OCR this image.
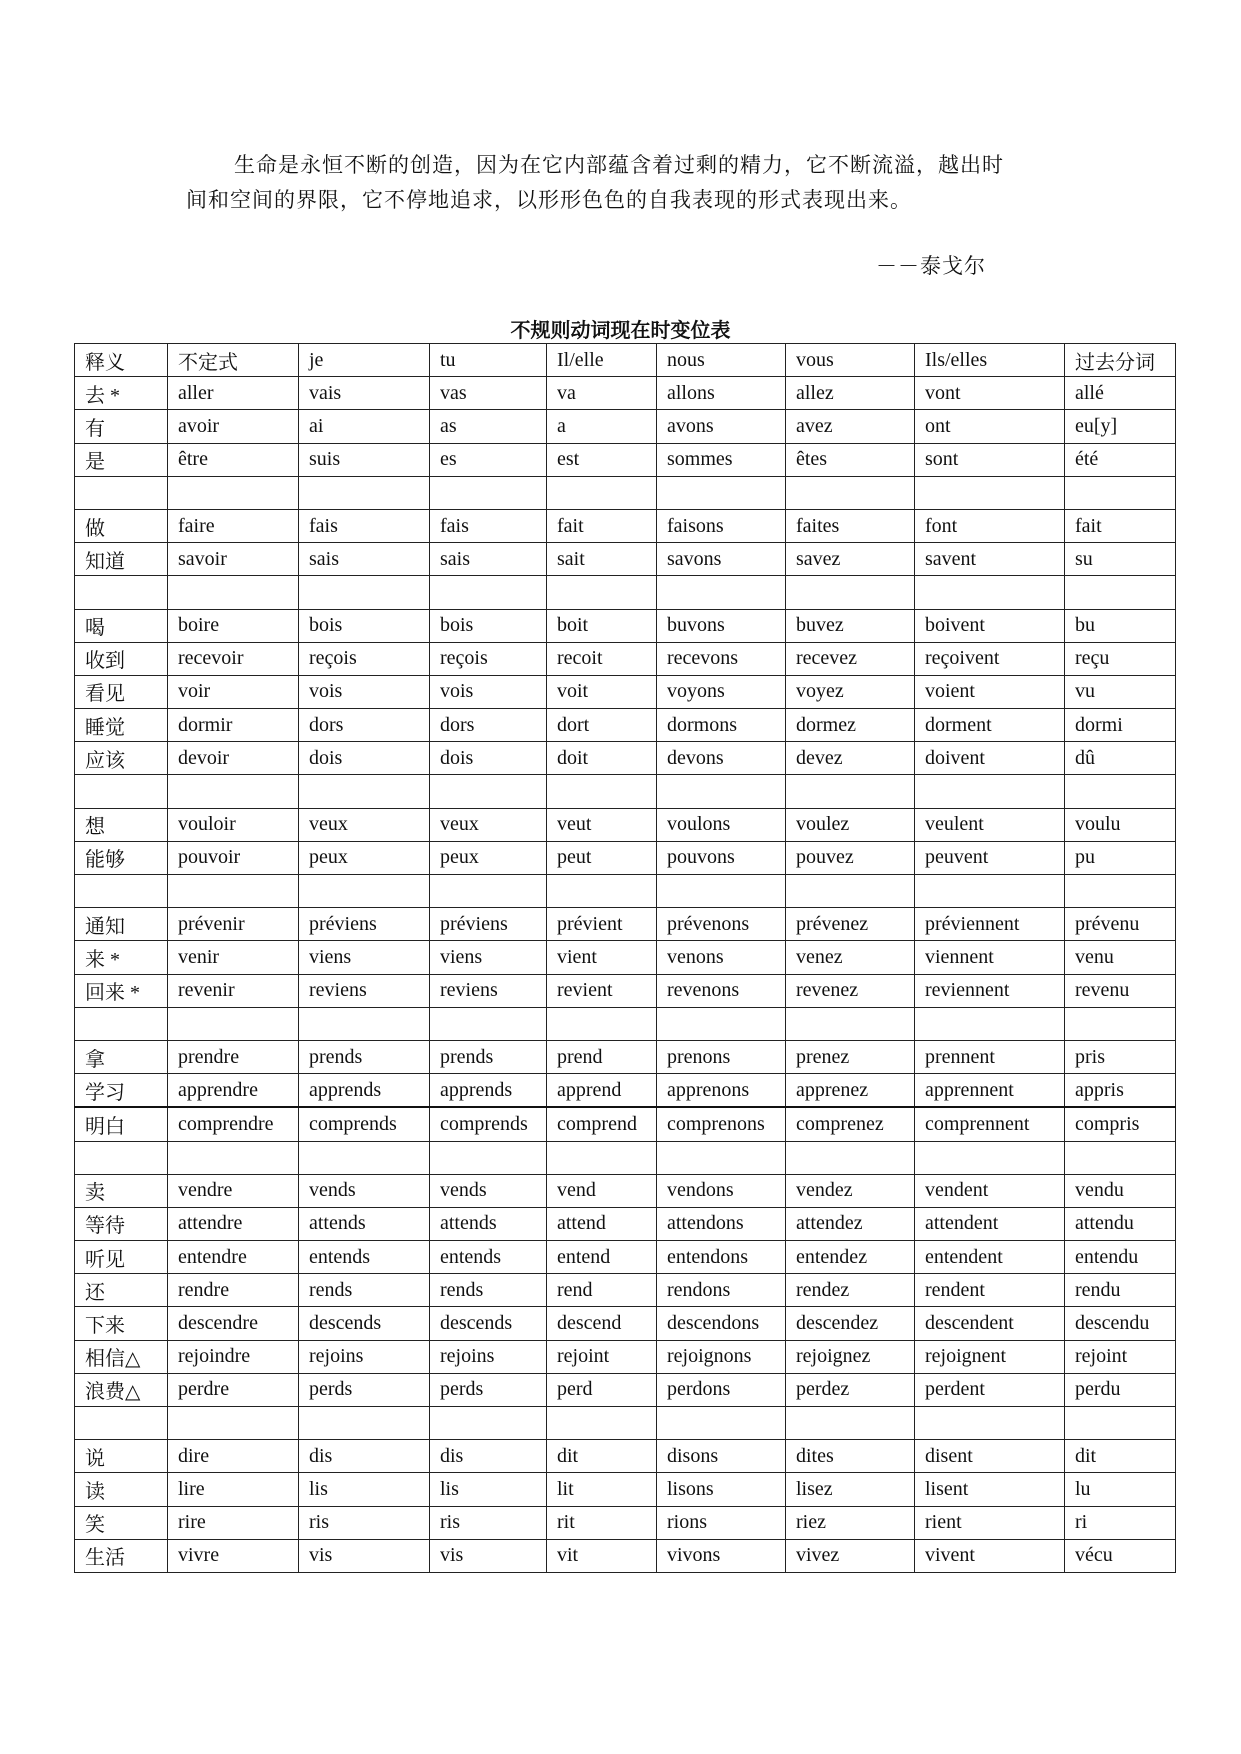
生命是永恒不断的创造，因为在它内部蕴含着过剩的精力，它不断流溢，越出时

间和空间的界限，它不停地追求，以形形色色的自我表现的形式表现出来。

－－泰戈尔
不规则动词现在时变位表
释义	不定式	je	tu	Il/elle	nous	vous	Ils/elles	过去分词
去 *	aller	vais	vas	va	allons	allez	vont	allé
有	avoir	ai	as	a	avons	avez	ont	eu[y]
是	être	suis	es	est	sommes	êtes	sont	été

做	faire	fais	fais	fait	faisons	faites	font	fait
知道	savoir	sais	sais	sait	savons	savez	savent	su

喝	boire	bois	bois	boit	buvons	buvez	boivent	bu
收到	recevoir	reçois	reçois	recoit	recevons	recevez	reçoivent	reçu
看见	voir	vois	vois	voit	voyons	voyez	voient	vu
睡觉	dormir	dors	dors	dort	dormons	dormez	dorment	dormi
应该	devoir	dois	dois	doit	devons	devez	doivent	dû

想	vouloir	veux	veux	veut	voulons	voulez	veulent	voulu
能够	pouvoir	peux	peux	peut	pouvons	pouvez	peuvent	pu

通知	prévenir	préviens	préviens	prévient	prévenons	prévenez	préviennent	prévenu
来 *	venir	viens	viens	vient	venons	venez	viennent	venu
回来 *	revenir	reviens	reviens	revient	revenons	revenez	reviennent	revenu

拿	prendre	prends	prends	prend	prenons	prenez	prennent	pris
学习	apprendre	apprends	apprends	apprend	apprenons	apprenez	apprennent	appris
明白	comprendre	comprends	comprends	comprend	comprenons	comprenez	comprennent	compris

卖	vendre	vends	vends	vend	vendons	vendez	vendent	vendu
等待	attendre	attends	attends	attend	attendons	attendez	attendent	attendu
听见	entendre	entends	entends	entend	entendons	entendez	entendent	entendu
还	rendre	rends	rends	rend	rendons	rendez	rendent	rendu
下来	descendre	descends	descends	descend	descendons	descendez	descendent	descendu
相信△	rejoindre	rejoins	rejoins	rejoint	rejoignons	rejoignez	rejoignent	rejoint
浪费△	perdre	perds	perds	perd	perdons	perdez	perdent	perdu

说	dire	dis	dis	dit	disons	dites	disent	dit
读	lire	lis	lis	lit	lisons	lisez	lisent	lu
笑	rire	ris	ris	rit	rions	riez	rient	ri
生活	vivre	vis	vis	vit	vivons	vivez	vivent	vécu
